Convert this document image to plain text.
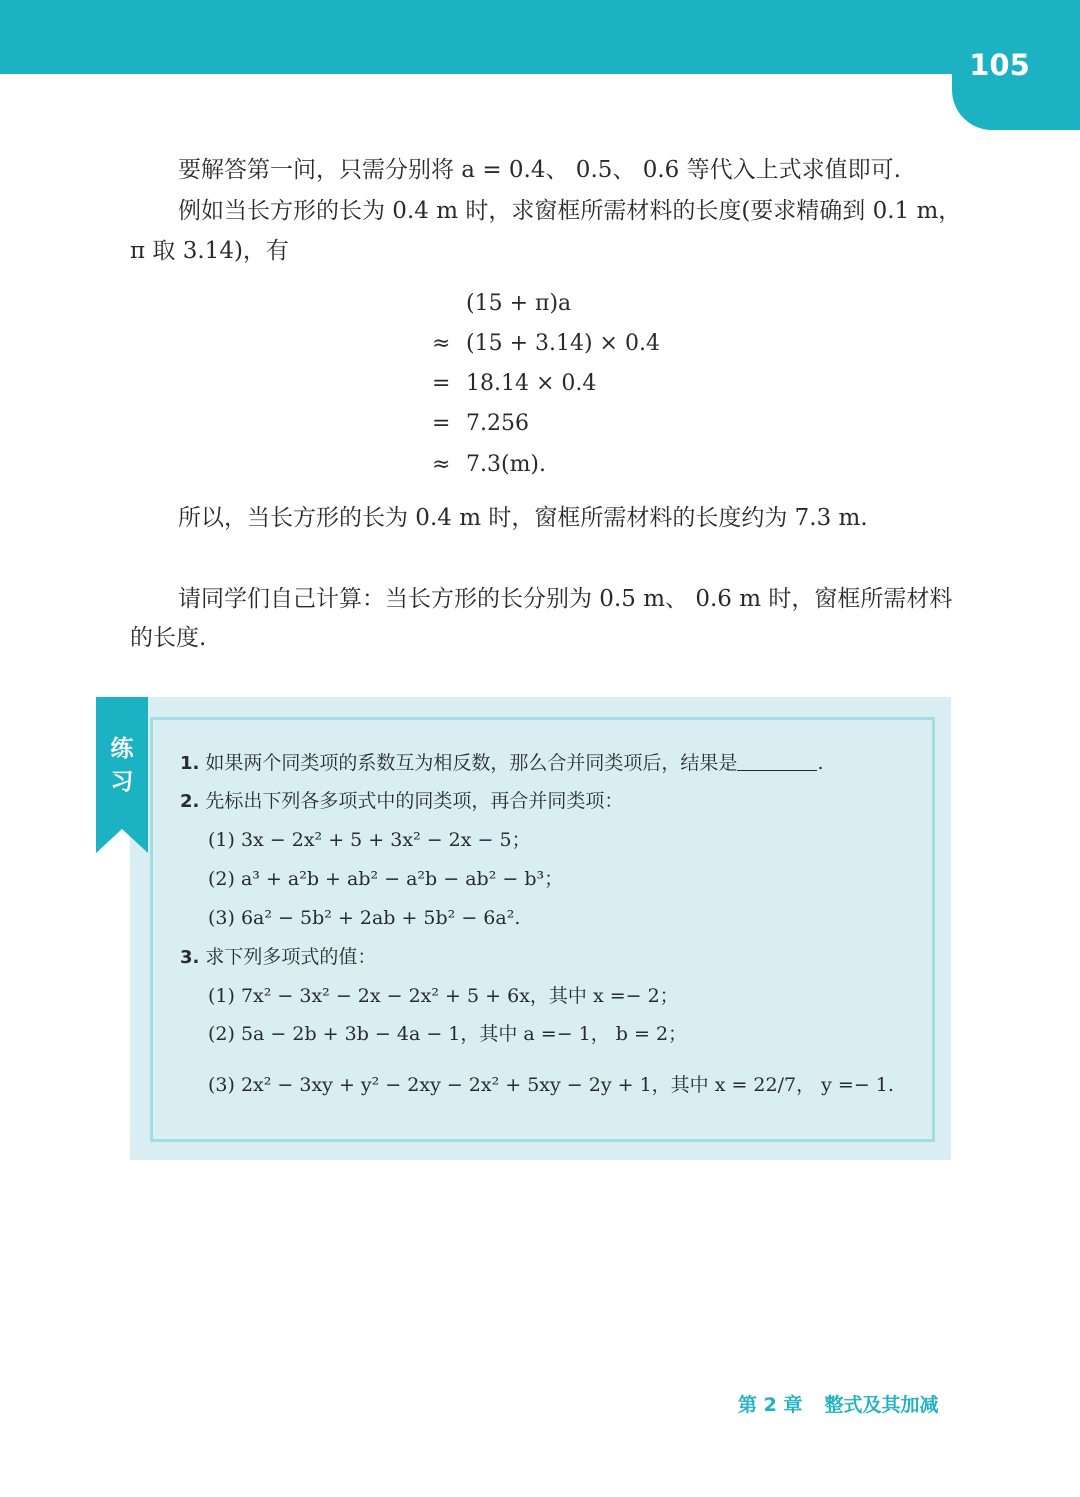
105
要解答第一问，只需分别将 a = 0.4、 0.5、 0.6 等代入上式求值即可.
例如当长方形的长为 0.4 m 时，求窗框所需材料的长度(要求精确到 0.1 m，
π 取 3.14)，有
(15 + π)a
≈ (15 + 3.14) × 0.4
= 18.14 × 0.4
= 7.256
≈ 7.3(m).
所以，当长方形的长为 0.4 m 时，窗框所需材料的长度约为 7.3 m.
请同学们自己计算：当长方形的长分别为 0.5 m、 0.6 m 时，窗框所需材料
的长度.
练
习
1. 如果两个同类项的系数互为相反数，那么合并同类项后，结果是	.
2. 先标出下列各多项式中的同类项，再合并同类项：
(1) 3x − 2x² + 5 + 3x² − 2x − 5；
(2) a³ + a²b + ab² − a²b − ab² − b³；
(3) 6a² − 5b² + 2ab + 5b² − 6a².
3. 求下列多项式的值：
(1) 7x² − 3x² − 2x − 2x² + 5 + 6x，其中 x =− 2；
(2) 5a − 2b + 3b − 4a − 1，其中 a =− 1， b = 2；
(3) 2x² − 3xy + y² − 2xy − 2x² + 5xy − 2y + 1，其中 x = 22/7， y =− 1.
第 2 章 整式及其加减
